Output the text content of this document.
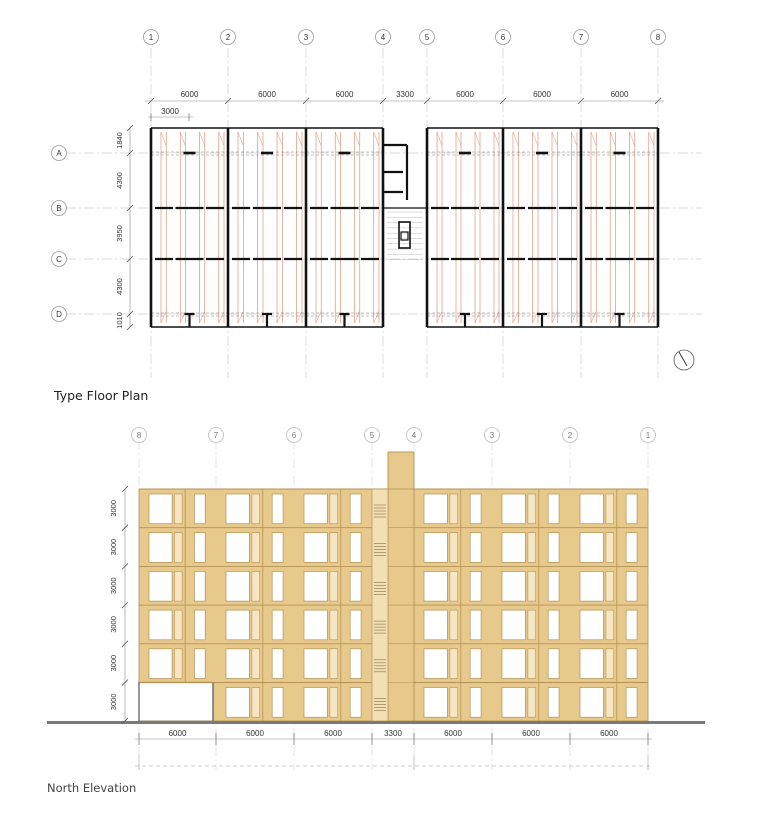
1	2	3	4	5	6	7	8
A
B
C
D
6000	6000	6000	3300	6000	6000	6000
3000
1840
4300
3950
4300
1010
8	7	6	5	4	3	2	1
3000
3000
3000
3000
3000
3000
6000	6000	6000	3300	6000	6000	6000
Type Floor Plan
North Elevation
